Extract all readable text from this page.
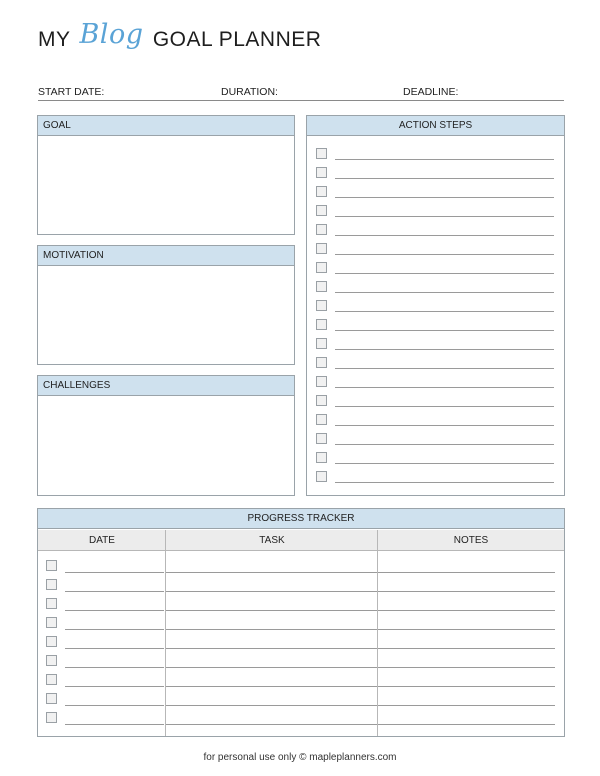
MY Blog GOAL PLANNER
START DATE:	DURATION:	DEADLINE:
GOAL
MOTIVATION
CHALLENGES
ACTION STEPS
PROGRESS TRACKER
DATE	TASK	NOTES
for personal use only © mapleplanners.com
